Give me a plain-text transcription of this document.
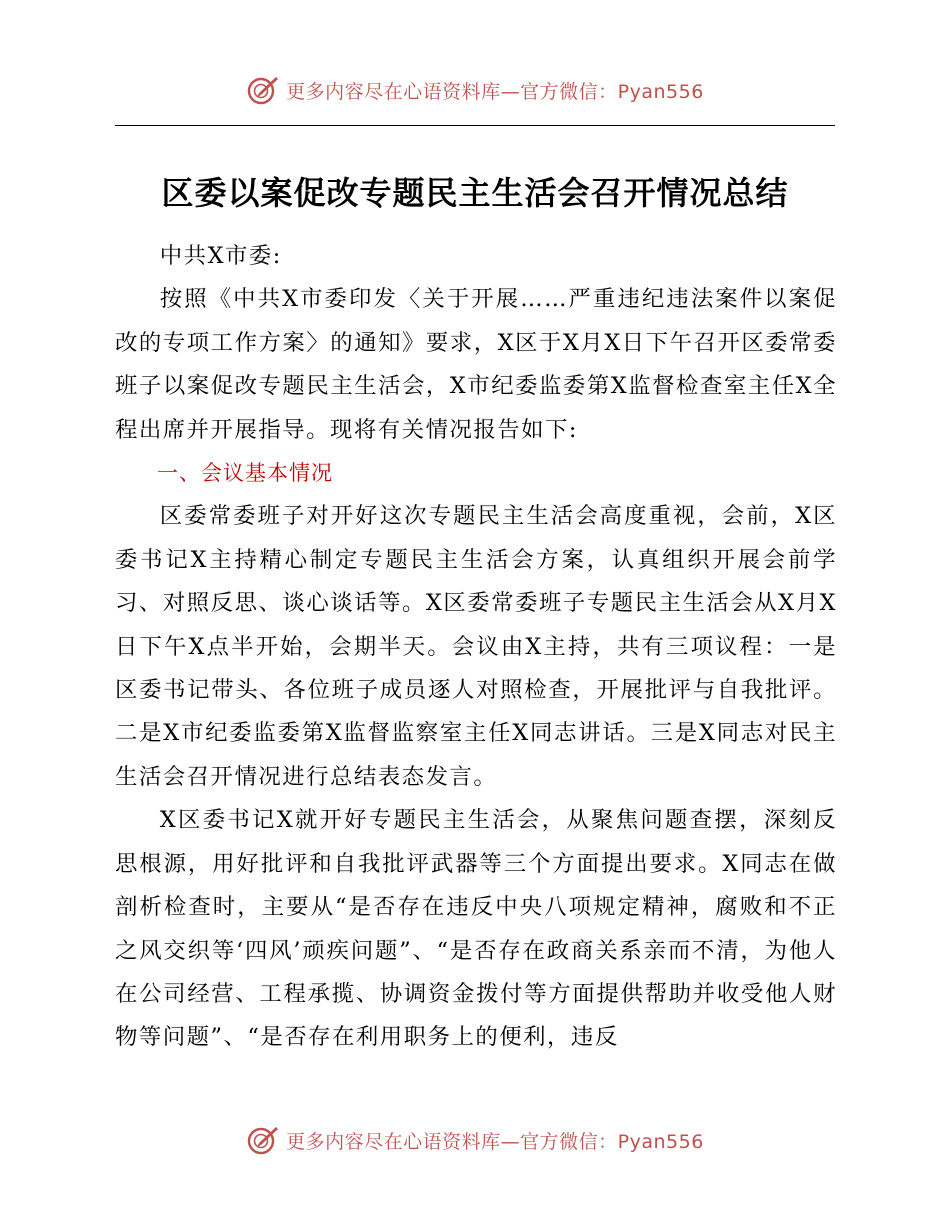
更多内容尽在心语资料库—官方微信：Pyan556
区委以案促改专题民主生活会召开情况总结

中共X市委:

按照《中共X市委印发〈关于开展……严重违纪违法案件以案促改的专项工作方案〉的通知》要求，X区于X月X日下午召开区委常委班子以案促改专题民主生活会，X市纪委监委第X监督检查室主任X全程出席并开展指导。现将有关情况报告如下:

一、会议基本情况

区委常委班子对开好这次专题民主生活会高度重视，会前，X区委书记X主持精心制定专题民主生活会方案，认真组织开展会前学习、对照反思、谈心谈话等。X区委常委班子专题民主生活会从X月X日下午X点半开始，会期半天。会议由X主持，共有三项议程：一是区委书记带头、各位班子成员逐人对照检查，开展批评与自我批评。二是X市纪委监委第X监督监察室主任X同志讲话。三是X同志对民主生活会召开情况进行总结表态发言。

X区委书记X就开好专题民主生活会，从聚焦问题查摆，深刻反思根源，用好批评和自我批评武器等三个方面提出要求。X同志在做剖析检查时，主要从“是否存在违反中央八项规定精神，腐败和不正之风交织等‘四风’顽疾问题”、“是否存在政商关系亲而不清，为他人在公司经营、工程承揽、协调资金拨付等方面提供帮助并收受他人财物等问题”、“是否存在利用职务上的便利，违反

更多内容尽在心语资料库—官方微信：Pyan556
